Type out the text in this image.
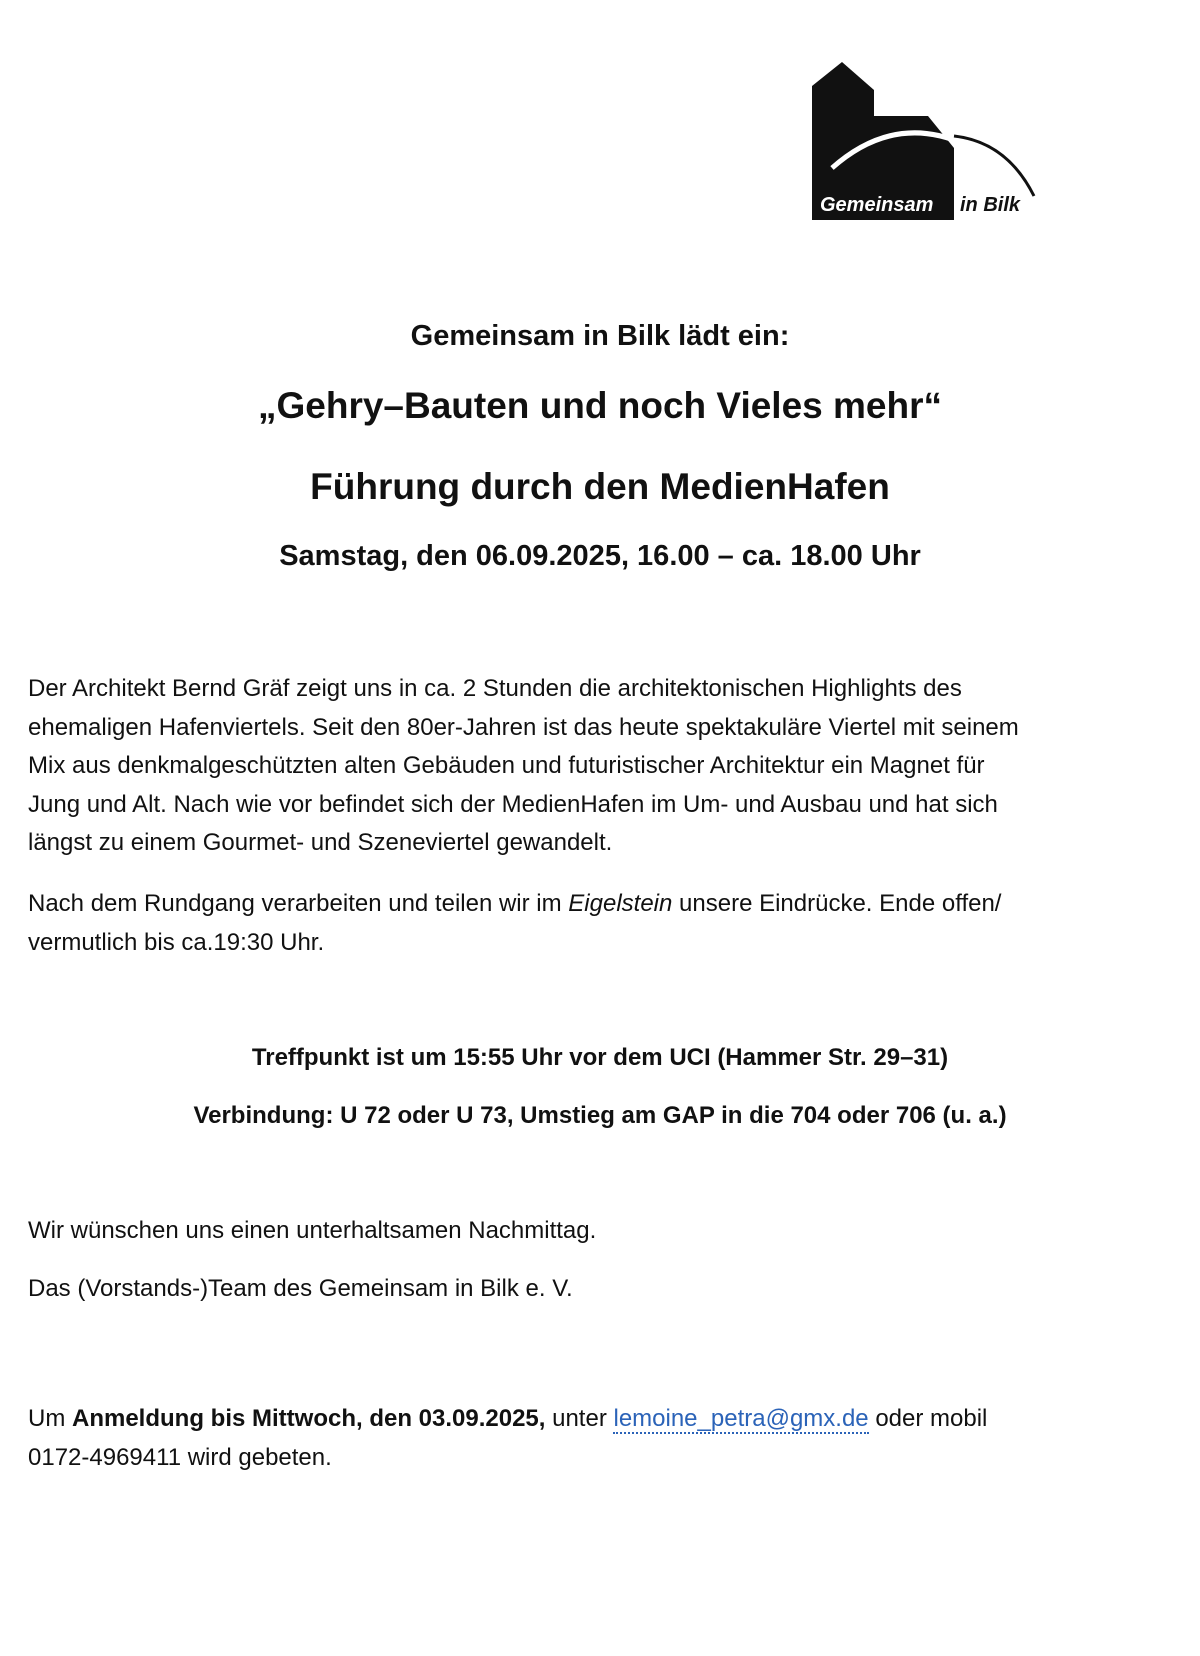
Gemeinsam in Bilk
Gemeinsam in Bilk lädt ein:
„Gehry–Bauten und noch Vieles mehr“
Führung durch den MedienHafen
Samstag, den 06.09.2025, 16.00 – ca. 18.00 Uhr

Der Architekt Bernd Gräf zeigt uns in ca. 2 Stunden die architektonischen Highlights des
ehemaligen Hafenviertels. Seit den 80er-Jahren ist das heute spektakuläre Viertel mit seinem
Mix aus denkmalgeschützten alten Gebäuden und futuristischer Architektur ein Magnet für
Jung und Alt. Nach wie vor befindet sich der MedienHafen im Um- und Ausbau und hat sich
längst zu einem Gourmet- und Szeneviertel gewandelt.

Nach dem Rundgang verarbeiten und teilen wir im Eigelstein unsere Eindrücke. Ende offen/
vermutlich bis ca.19:30 Uhr.

Treffpunkt ist um 15:55 Uhr vor dem UCI (Hammer Str. 29–31)

Verbindung: U 72 oder U 73, Umstieg am GAP in die 704 oder 706 (u. a.)

Wir wünschen uns einen unterhaltsamen Nachmittag.

Das (Vorstands-)Team des Gemeinsam in Bilk e. V.

Um Anmeldung bis Mittwoch, den 03.09.2025, unter lemoine_petra@gmx.de oder mobil
0172-4969411 wird gebeten.
